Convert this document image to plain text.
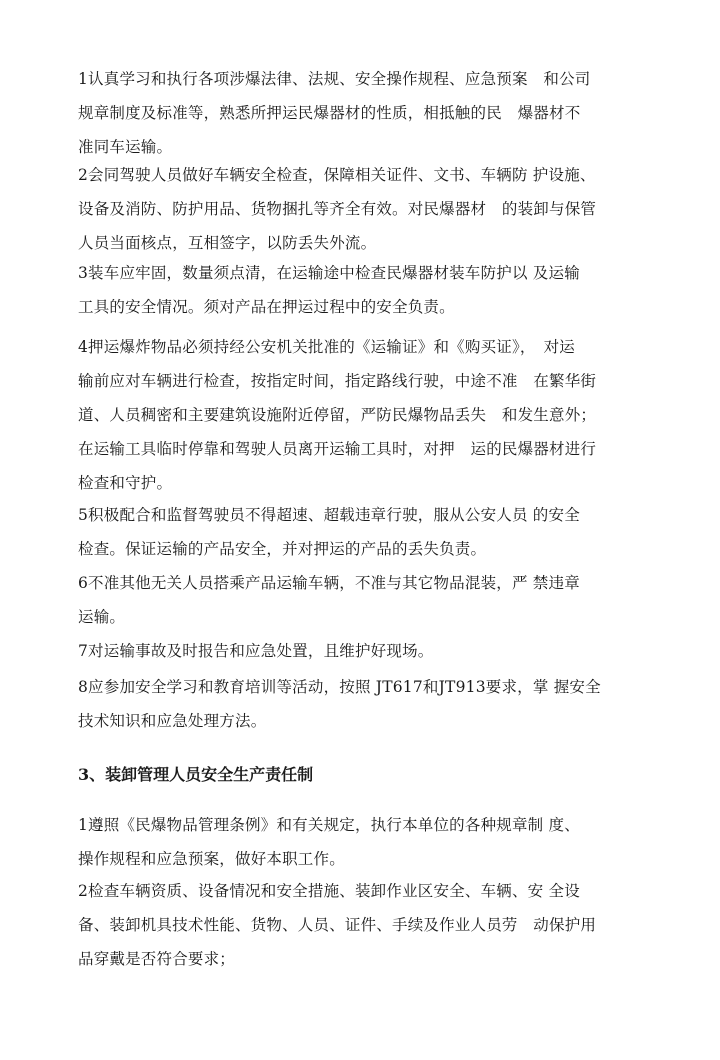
1认真学习和执行各项涉爆法律、法规、安全操作规程、应急预案　和公司
规章制度及标准等，熟悉所押运民爆器材的性质，相抵触的民　爆器材不
准同车运输。
2会同驾驶人员做好车辆安全检查，保障相关证件、文书、车辆防 护设施、
设备及消防、防护用品、货物捆扎等齐全有效。对民爆器材　的装卸与保管
人员当面核点，互相签字，以防丢失外流。
3装车应牢固，数量须点清，在运输途中检查民爆器材装车防护以 及运输
工具的安全情况。须对产品在押运过程中的安全负责。
4押运爆炸物品必须持经公安机关批准的《运输证》和《购买证》，　对运
输前应对车辆进行检查，按指定时间，指定路线行驶，中途不准　在繁华街
道、人员稠密和主要建筑设施附近停留，严防民爆物品丢失　和发生意外；
在运输工具临时停靠和驾驶人员离开运输工具时，对押　运的民爆器材进行
检查和守护。
5积极配合和监督驾驶员不得超速、超载违章行驶，服从公安人员 的安全
检查。保证运输的产品安全，并对押运的产品的丢失负责。
6不准其他无关人员搭乘产品运输车辆，不准与其它物品混装，严 禁违章
运输。
7对运输事故及时报告和应急处置，且维护好现场。
8应参加安全学习和教育培训等活动，按照 JT617和JT913要求，掌 握安全
技术知识和应急处理方法。
3、装卸管理人员安全生产责任制
1遵照《民爆物品管理条例》和有关规定，执行本单位的各种规章制 度、
操作规程和应急预案，做好本职工作。
2检查车辆资质、设备情况和安全措施、装卸作业区安全、车辆、安 全设
备、装卸机具技术性能、货物、人员、证件、手续及作业人员劳　动保护用
品穿戴是否符合要求；
